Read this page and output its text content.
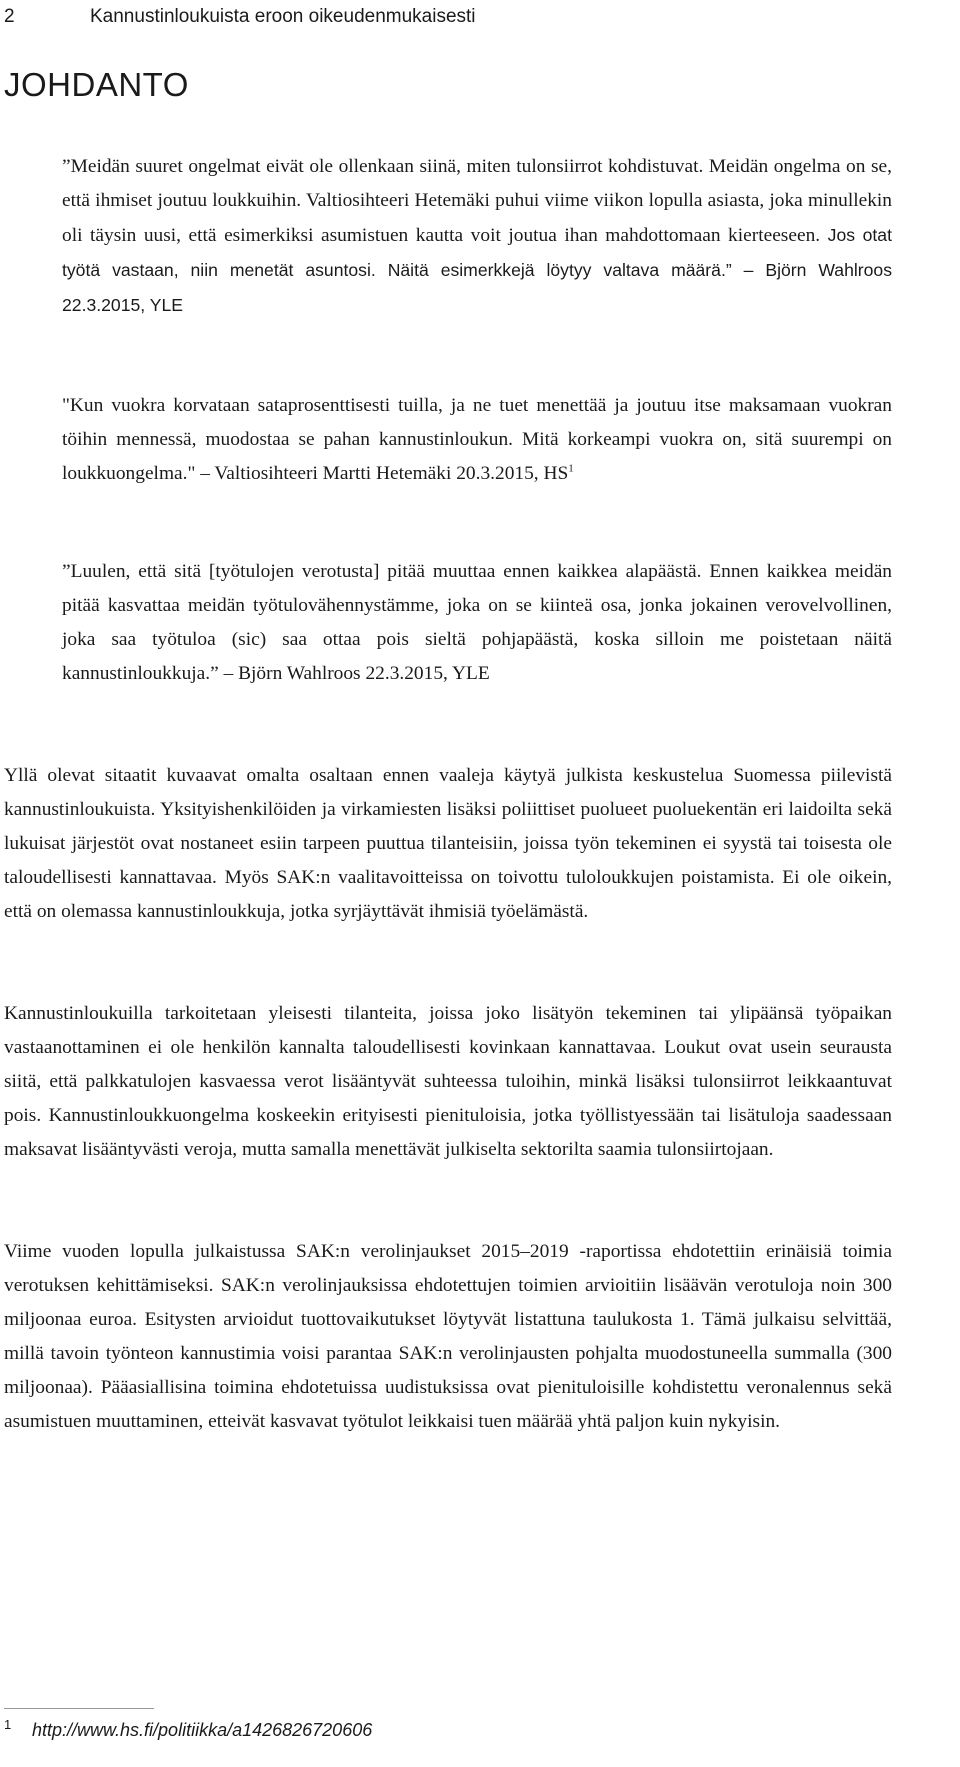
2	Kannustinloukuista eroon oikeudenmukaisesti
JOHDANTO

”Meidän suuret ongelmat eivät ole ollenkaan siinä, miten tulonsiirrot kohdistuvat. Meidän ongelma on se, että ihmiset joutuu loukkuihin. Valtiosihteeri Hetemäki puhui viime viikon lopulla asiasta, joka minullekin oli täysin uusi, että esimerkiksi asumistuen kautta voit joutua ihan mahdottomaan kierteeseen. Jos otat työtä vastaan, niin menetät asuntosi. Näitä esimerkkejä löytyy valtava määrä.” – Björn Wahlroos 22.3.2015, YLE

"Kun vuokra korvataan sataprosenttisesti tuilla, ja ne tuet menettää ja joutuu itse maksamaan vuokran töihin mennessä, muodostaa se pahan kannustinloukun. Mitä korkeampi vuokra on, sitä suurempi on loukkuongelma." – Valtiosihteeri Martti Hetemäki 20.3.2015, $HS^1$

”Luulen, että sitä [työtulojen verotusta] pitää muuttaa ennen kaikkea alapäästä. Ennen kaikkea meidän pitää kasvattaa meidän työtulovähennystämme, joka on se kiinteä osa, jonka jokainen verovelvollinen, joka saa työtuloa (sic) saa ottaa pois sieltä pohjapäästä, koska silloin me poistetaan näitä kannustinloukkuja.” – Björn Wahlroos 22.3.2015, YLE

Yllä olevat sitaatit kuvaavat omalta osaltaan ennen vaaleja käytyä julkista keskustelua Suomessa piilevistä kannustinloukuista. Yksityishenkilöiden ja virkamiesten lisäksi poliittiset puolueet puoluekentän eri laidoilta sekä lukuisat järjestöt ovat nostaneet esiin tarpeen puuttua tilanteisiin, joissa työn tekeminen ei syystä tai toisesta ole taloudellisesti kannattavaa. Myös SAK:n vaalitavoitteissa on toivottu tuloloukkujen poistamista. Ei ole oikein, että on olemassa kannustinloukkuja, jotka syrjäyttävät ihmisiä työelämästä.

Kannustinloukuilla tarkoitetaan yleisesti tilanteita, joissa joko lisätyön tekeminen tai ylipäänsä työpaikan vastaanottaminen ei ole henkilön kannalta taloudellisesti kovinkaan kannattavaa. Loukut ovat usein seurausta siitä, että palkkatulojen kasvaessa verot lisääntyvät suhteessa tuloihin, minkä lisäksi tulonsiirrot leikkaantuvat pois. Kannustinloukkuongelma koskeekin erityisesti pienituloisia, jotka työllistyessään tai lisätuloja saadessaan maksavat lisääntyvästi veroja, mutta samalla menettävät julkiselta sektorilta saamia tulonsiirtojaan.

Viime vuoden lopulla julkaistussa SAK:n verolinjaukset 2015–2019 -raportissa ehdotettiin erinäisiä toimia verotuksen kehittämiseksi. SAK:n verolinjauksissa ehdotettujen toimien arvioitiin lisäävän verotuloja noin 300 miljoonaa euroa. Esitysten arvioidut tuottovaikutukset löytyvät listattuna taulukosta 1. Tämä julkaisu selvittää, millä tavoin työnteon kannustimia voisi parantaa SAK:n verolinjausten pohjalta muodostuneella summalla (300 miljoonaa). Pääasiallisina toimina ehdotetuissa uudistuksissa ovat pienituloisille kohdistettu veronalennus sekä asumistuen muuttaminen, etteivät kasvavat työtulot leikkaisi tuen määrää yhtä paljon kuin nykyisin.

1 http://www.hs.fi/politiikka/a1426826720606
